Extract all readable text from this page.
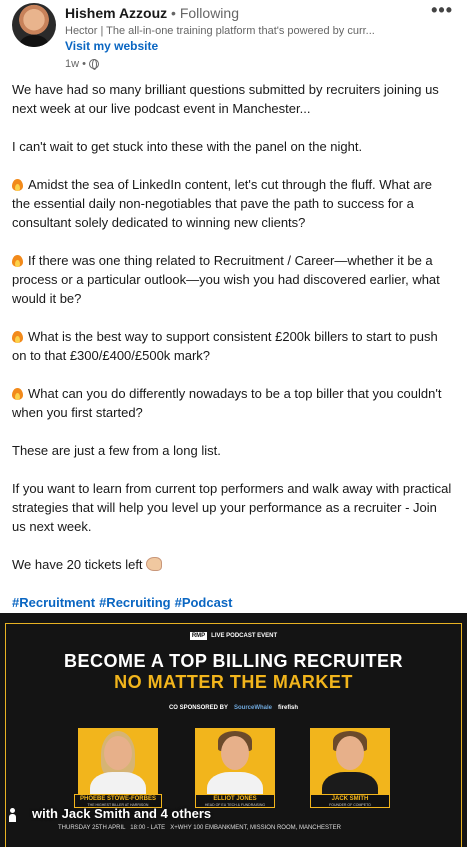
Hishem Azzouz • Following
Hector | The all-in-one training platform that's powered by curr...
Visit my website
1w •
•••

We have had so many brilliant questions submitted by recruiters joining us next week at our live podcast event in Manchester...

I can't wait to get stuck into these with the panel on the night.

Amidst the sea of LinkedIn content, let's cut through the fluff. What are the essential daily non-negotiables that pave the path to success for a consultant solely dedicated to winning new clients?

If there was one thing related to Recruitment / Career—whether it be a process or a particular outlook—you wish you had discovered earlier, what would it be?

What is the best way to support consistent £200k billers to start to push on to that £300/£400/£500k mark?

What can you do differently nowadays to be a top biller that you couldn't when you first started?

These are just a few from a long list.

If you want to learn from current top performers and walk away with practical strategies that will help you level up your performance as a recruiter - Join us next week.

We have 20 tickets left

#Recruitment #Recruiting #Podcast

RMP LIVE PODCAST EVENT
BECOME A TOP BILLING RECRUITER
NO MATTER THE MARKET
CO SPONSORED BY SourceWhale firefish
PHOEBE STOWE-FORBES
THE HIGHEST BILLER AT HARRISON
ELLIOT JONES
HEAD OF EU TECH & FUNDRAISING
JACK SMITH
FOUNDER OF COMPETO
THURSDAY 25TH APRIL 18:00 - LATE X+WHY 100 EMBANKMENT, MISSION ROOM, MANCHESTER
with Jack Smith and 4 others
